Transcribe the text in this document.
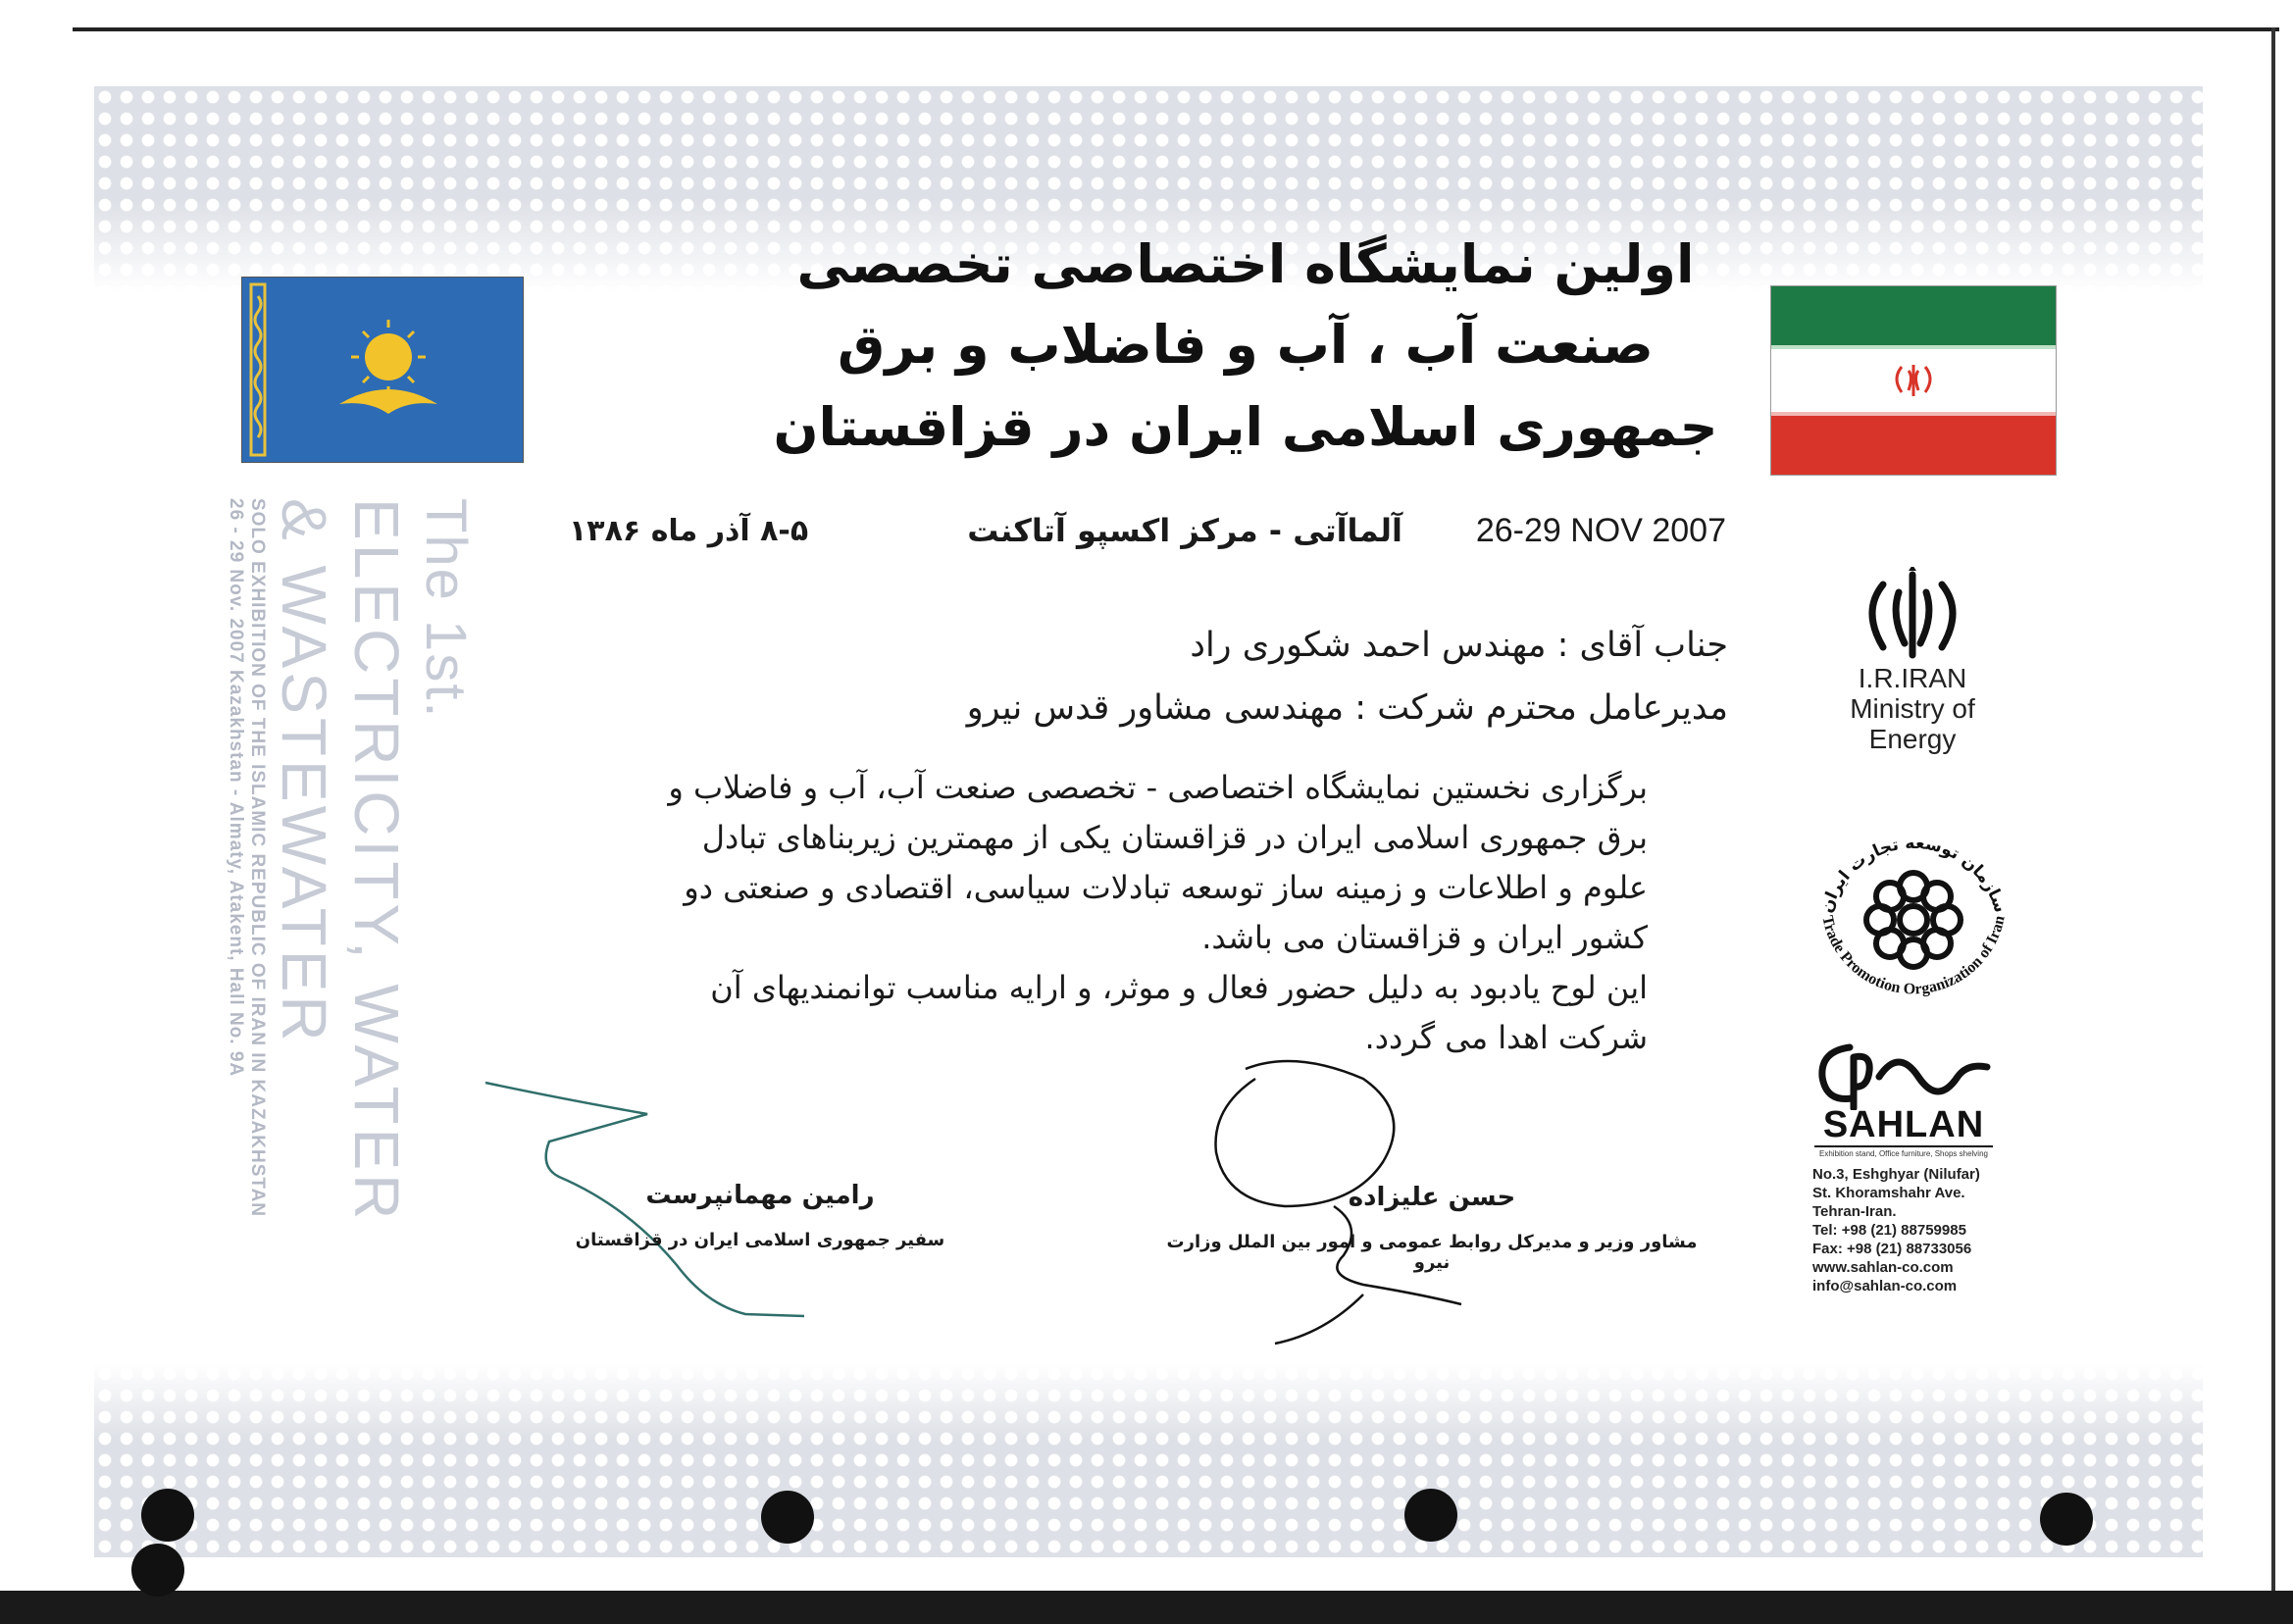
The 1st.
ELECTRICITY, WATER
& WASTEWATER
SOLO EXHIBITION OF THE ISLAMIC REPUBLIC OF IRAN IN KAZAKHSTAN
26 - 29 Nov. 2007 Kazakhstan - Almaty, Atakent, Hall No. 9A
اولین نمایشگاه اختصاصی تخصصی
صنعت آب ، آب و فاضلاب و برق
جمهوری اسلامی ایران در قزاقستان
26-29 NOV 2007
آلماآتی - مرکز اکسپو آتاکنت
۸-۵ آذر ماه ۱۳۸۶
جناب آقای : مهندس احمد شکوری راد
مدیرعامل محترم شرکت : مهندسی مشاور قدس نیرو

برگزاری نخستین نمایشگاه اختصاصی - تخصصی صنعت آب، آب و فاضلاب و برق جمهوری اسلامی ایران در قزاقستان یکی از مهمترین زیربناهای تبادل علوم و اطلاعات و زمینه ساز توسعه تبادلات سیاسی، اقتصادی و صنعتی دو کشور ایران و قزاقستان می باشد.

این لوح یادبود به دلیل حضور فعال و موثر، و ارایه مناسب توانمندیهای آن شرکت اهدا می گردد.

رامین مهمانپرست
سفیر جمهوری اسلامی ایران در قزاقستان
حسن علیزاده
مشاور وزیر و مدیرکل روابط عمومی و امور بین الملل وزارت نیرو
I.R.IRAN
Ministry of
Energy
سازمان توسعه تجارت ایران
Trade Promotion Organization of Iran
SAHLAN
Exhibition stand, Office furniture, Shops shelving
No.3, Eshghyar (Nilufar)
St. Khoramshahr Ave.
Tehran-Iran.
Tel: +98 (21) 88759985
Fax: +98 (21) 88733056
www.sahlan-co.com
info@sahlan-co.com
